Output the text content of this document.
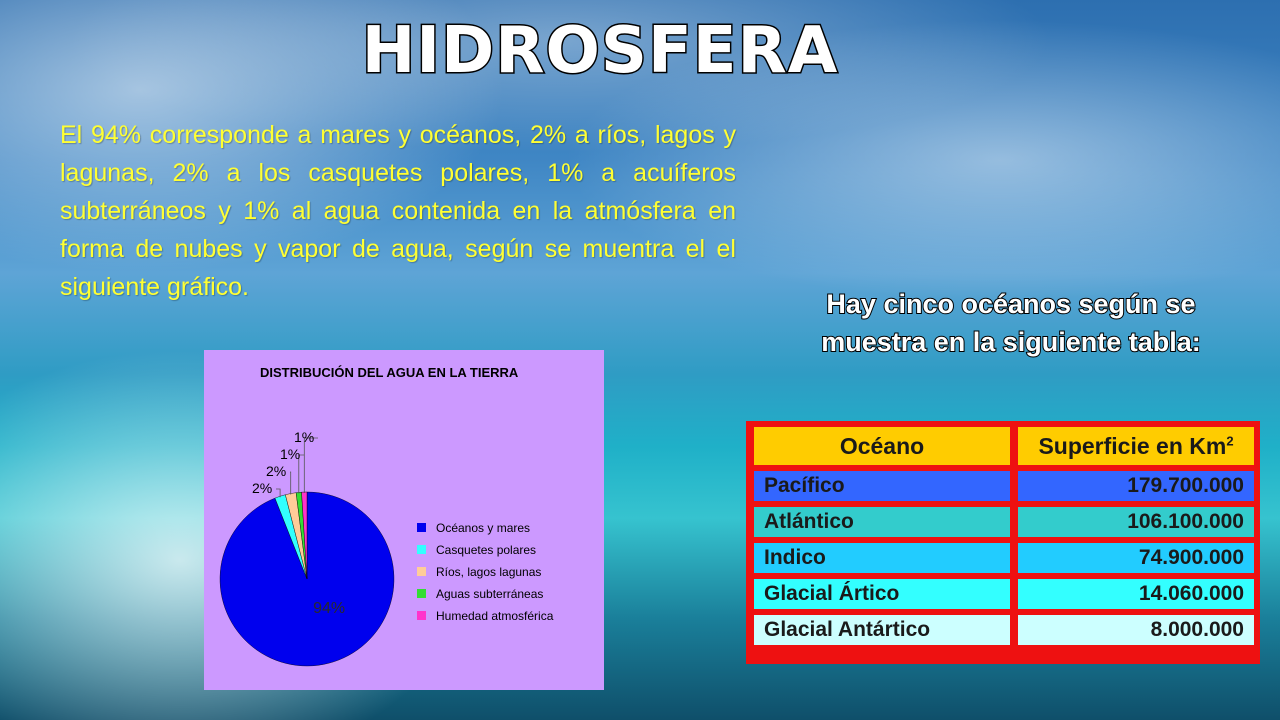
HIDROSFERA
El 94% corresponde a mares y océanos, 2% a ríos, lagos y lagunas, 2% a los casquetes polares, 1% a acuíferos subterráneos y 1% al agua contenida en la atmósfera en forma de nubes y vapor de agua, según se muentra el el siguiente gráfico.
Hay cinco océanos según se muestra en la siguiente tabla:
DISTRIBUCIÓN DEL AGUA EN LA TIERRA
94%
2%
2%
1%
1%
Océanos y mares
Casquetes polares
Ríos, lagos lagunas
Aguas subterráneas
Humedad atmosférica
Océano	Superficie en Km$^2$
Pacífico	179.700.000
Atlántico	106.100.000
Indico	74.900.000
Glacial Ártico	14.060.000
Glacial Antártico	8.000.000
